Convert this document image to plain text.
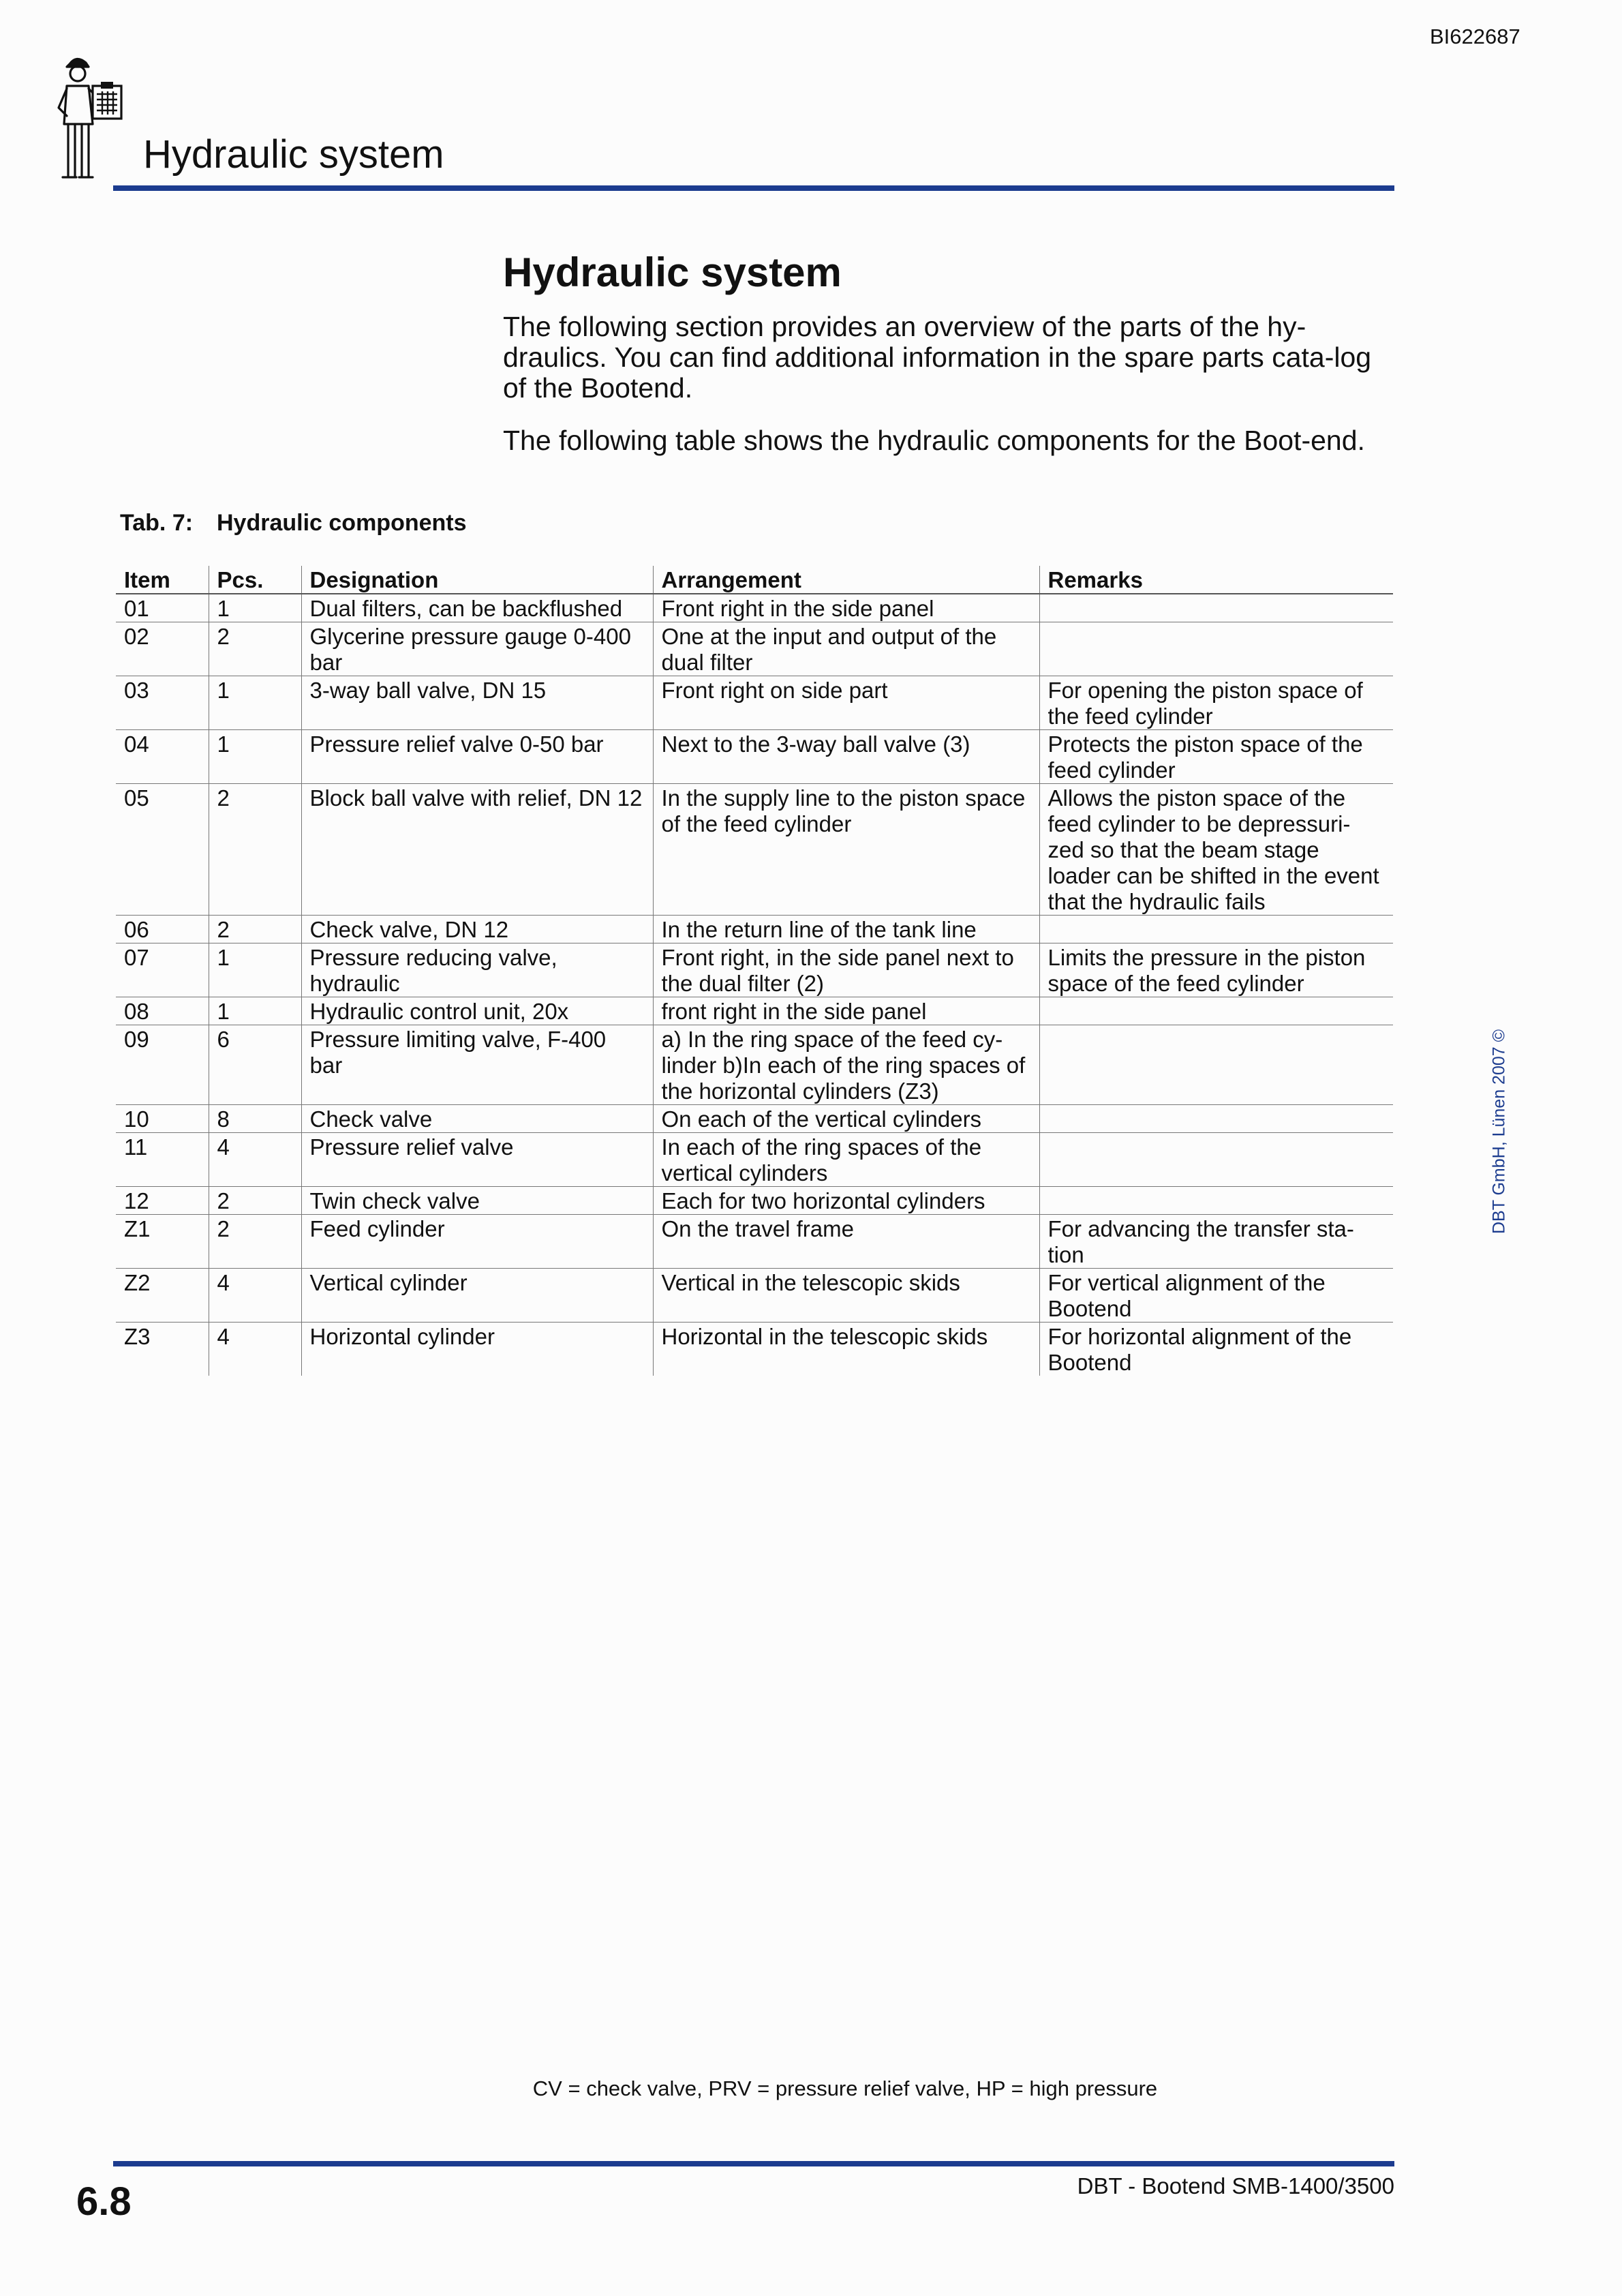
BI622687
Hydraulic system
Hydraulic system
The following section provides an overview of the parts of the hy-draulics. You can find additional information in the spare parts cata-log of the Bootend.
The following table shows the hydraulic components for the Boot-end.
Tab. 7: Hydraulic components
Item	Pcs.	Designation	Arrangement	Remarks
01	1	Dual filters, can be backflushed	Front right in the side panel	
02	2	Glycerine pressure gauge 0-400 bar	One at the input and output of the dual filter	
03	1	3-way ball valve, DN 15	Front right on side part	For opening the piston space of the feed cylinder
04	1	Pressure relief valve 0-50 bar	Next to the 3-way ball valve (3)	Protects the piston space of the feed cylinder
05	2	Block ball valve with relief, DN 12	In the supply line to the piston space of the feed cylinder	Allows the piston space of the feed cylinder to be depressuri-zed so that the beam stage loader can be shifted in the event that the hydraulic fails
06	2	Check valve, DN 12	In the return line of the tank line	
07	1	Pressure reducing valve, hydraulic	Front right, in the side panel next to the dual filter (2)	Limits the pressure in the piston space of the feed cylinder
08	1	Hydraulic control unit, 20x	front right in the side panel	
09	6	Pressure limiting valve, F-400 bar	a) In the ring space of the feed cy-linder b)In each of the ring spaces of the horizontal cylinders (Z3)	
10	8	Check valve	On each of the vertical cylinders	
11	4	Pressure relief valve	In each of the ring spaces of the vertical cylinders	
12	2	Twin check valve	Each for two horizontal cylinders	
Z1	2	Feed cylinder	On the travel frame	For advancing the transfer sta-tion
Z2	4	Vertical cylinder	Vertical in the telescopic skids	For vertical alignment of the Bootend
Z3	4	Horizontal cylinder	Horizontal in the telescopic skids	For horizontal alignment of the Bootend
CV = check valve, PRV = pressure relief valve, HP = high pressure
6.8	DBT - Bootend SMB-1400/3500
DBT GmbH, Lünen 2007 ©
